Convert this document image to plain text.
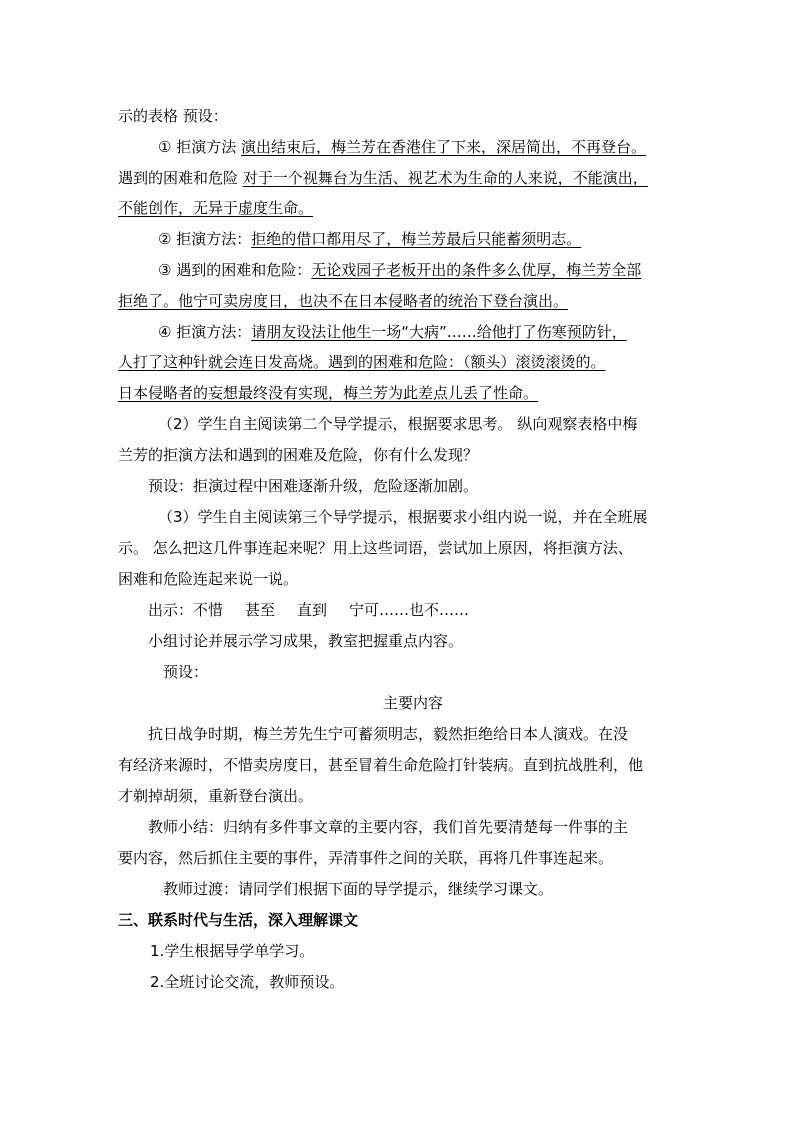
示的表格 预设：
① 拒演方法 演出结束后，梅兰芳在香港住了下来，深居简出，不再登台。
遇到的困难和危险 对于一个视舞台为生活、视艺术为生命的人来说，不能演出，
不能创作，无异于虚度生命。
② 拒演方法：拒绝的借口都用尽了，梅兰芳最后只能蓄须明志。
③ 遇到的困难和危险：无论戏园子老板开出的条件多么优厚，梅兰芳全部
拒绝了。他宁可卖房度日，也决不在日本侵略者的统治下登台演出。
④ 拒演方法：请朋友设法让他生一场“大病”……给他打了伤寒预防针，
人打了这种针就会连日发高烧。遇到的困难和危险：（额头）滚烫滚烫的。
日本侵略者的妄想最终没有实现，梅兰芳为此差点儿丢了性命。
（2）学生自主阅读第二个导学提示，根据要求思考。 纵向观察表格中梅
兰芳的拒演方法和遇到的困难及危险，你有什么发现？
预设：拒演过程中困难逐渐升级，危险逐渐加剧。
（3）学生自主阅读第三个导学提示，根据要求小组内说一说，并在全班展
示。 怎么把这几件事连起来呢？用上这些词语，尝试加上原因，将拒演方法、
困难和危险连起来说一说。
出示：不惜 甚至 直到 宁可……也不……
小组讨论并展示学习成果，教室把握重点内容。
预设：
主要内容
抗日战争时期，梅兰芳先生宁可蓄须明志，毅然拒绝给日本人演戏。在没
有经济来源时，不惜卖房度日，甚至冒着生命危险打针装病。直到抗战胜利，他
才剃掉胡须，重新登台演出。
教师小结：归纳有多件事文章的主要内容，我们首先要清楚每一件事的主
要内容，然后抓住主要的事件，弄清事件之间的关联，再将几件事连起来。
教师过渡：请同学们根据下面的导学提示，继续学习课文。
三、联系时代与生活，深入理解课文
1.学生根据导学单学习。
2.全班讨论交流，教师预设。
